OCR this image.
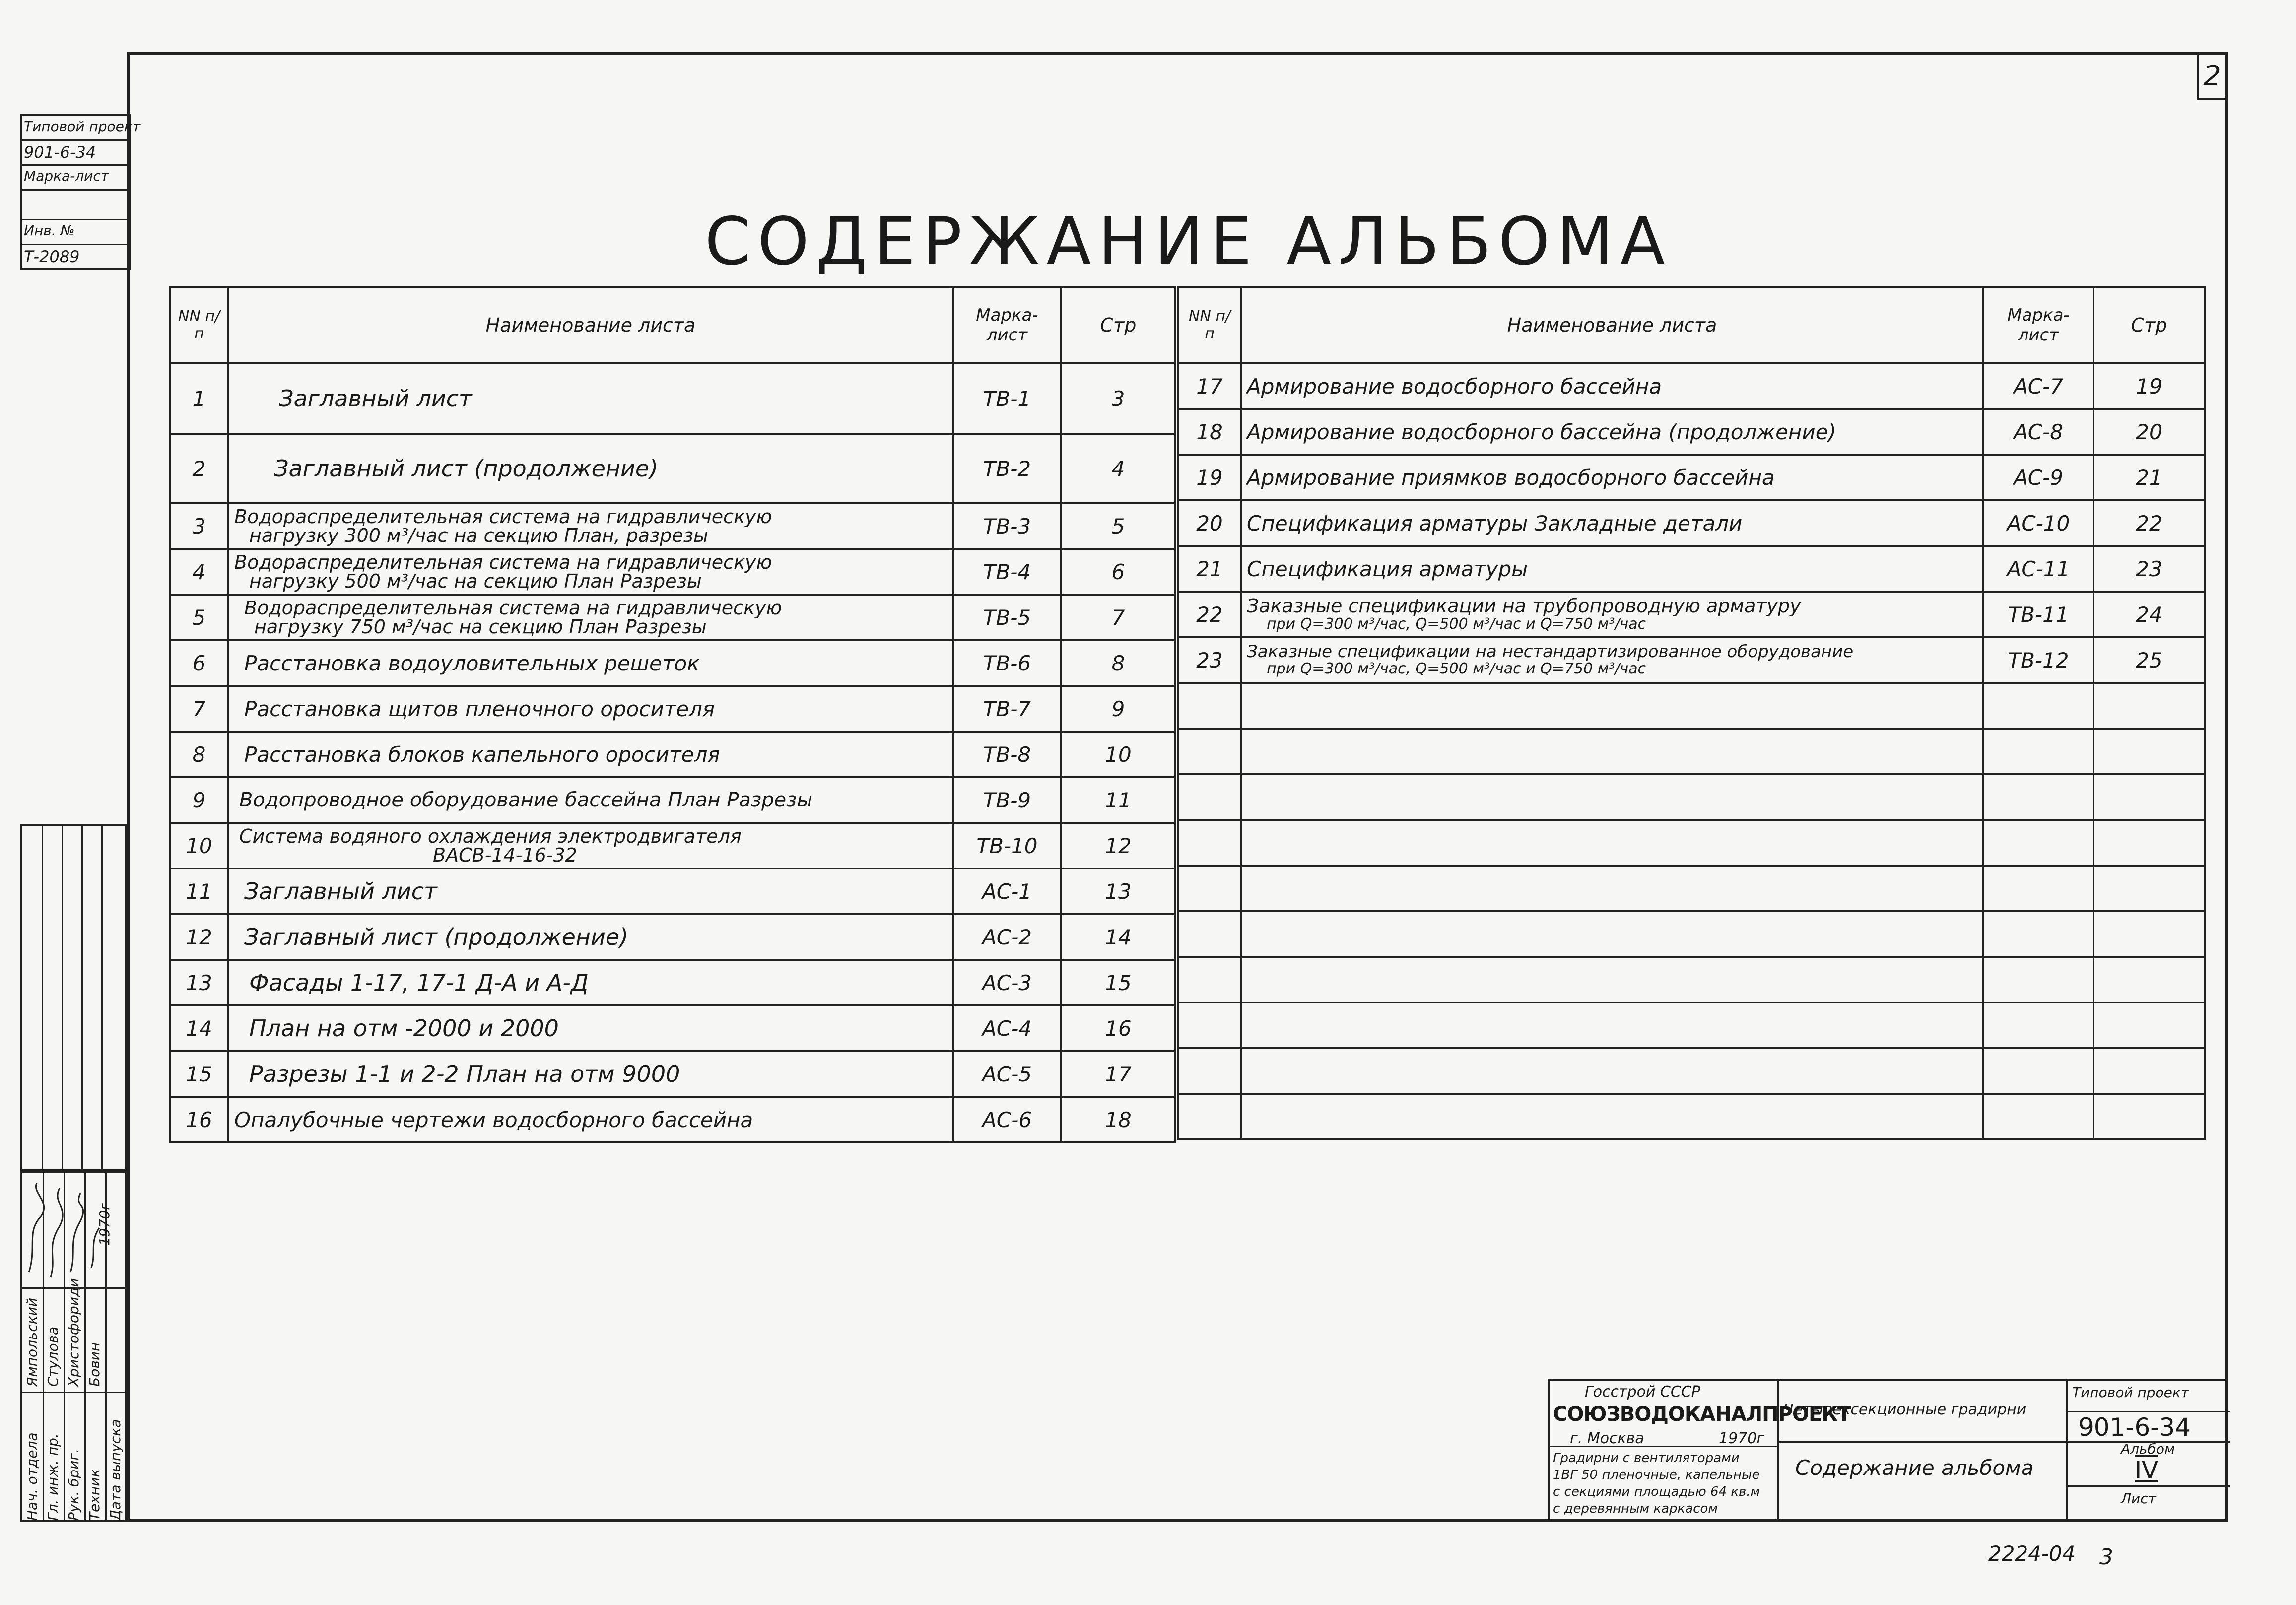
2
Типовой проект
901-6-34
Марка-лист
Инв. №
Т-2089
Нач. отдела Гл. инж. пр. Рук. бриг. Техник Дата выпуска
Ямпольский Стулова Христофориди Бовин
1970г
СОДЕРЖАНИЕ АЛЬБОМА
NN п/п	Наименование листа	Марка-лист	Стр
1	Заглавный лист	ТВ-1	3
2	Заглавный лист (продолжение)	ТВ-2	4
3	Водораспределительная система на гидравлическую
нагрузку 300 м³/час на секцию План, разрезы	ТВ-3	5
4	Водораспределительная система на гидравлическую
нагрузку 500 м³/час на секцию План Разрезы	ТВ-4	6
5	Водораспределительная система на гидравлическую
нагрузку 750 м³/час на секцию План Разрезы	ТВ-5	7
6	Расстановка водоуловительных решеток	ТВ-6	8
7	Расстановка щитов пленочного оросителя	ТВ-7	9
8	Расстановка блоков капельного оросителя	ТВ-8	10
9	Водопроводное оборудование бассейна План Разрезы	ТВ-9	11
10	Система водяного охлаждения электродвигателя
ВАСВ-14-16-32	ТВ-10	12
11	Заглавный лист	АС-1	13
12	Заглавный лист (продолжение)	АС-2	14
13	Фасады 1-17, 17-1 Д-А и А-Д	АС-3	15
14	План на отм -2000 и 2000	АС-4	16
15	Разрезы 1-1 и 2-2 План на отм 9000	АС-5	17
16	Опалубочные чертежи водосборного бассейна	АС-6	18
NN п/п	Наименование листа	Марка-лист	Стр
17	Армирование водосборного бассейна	АС-7	19
18	Армирование водосборного бассейна (продолжение)	АС-8	20
19	Армирование приямков водосборного бассейна	АС-9	21
20	Спецификация арматуры Закладные детали	АС-10	22
21	Спецификация арматуры	АС-11	23
22	Заказные спецификации на трубопроводную арматуру
при Q=300 м³/час, Q=500 м³/час и Q=750 м³/час	ТВ-11	24
23	Заказные спецификации на нестандартизированное оборудование
при Q=300 м³/час, Q=500 м³/час и Q=750 м³/час	ТВ-12	25

Госстрой СССР
СОЮЗВОДОКАНАЛПРОЕКТ
г. Москва	1970г
Градирни с вентиляторами
1ВГ 50 пленочные, капельные
с секциями площадью 64 кв.м
с деревянным каркасом
Четырехсекционные градирни
Содержание альбома
Типовой проект
901-6-34
Альбом
IV
Лист
2224-04 3
